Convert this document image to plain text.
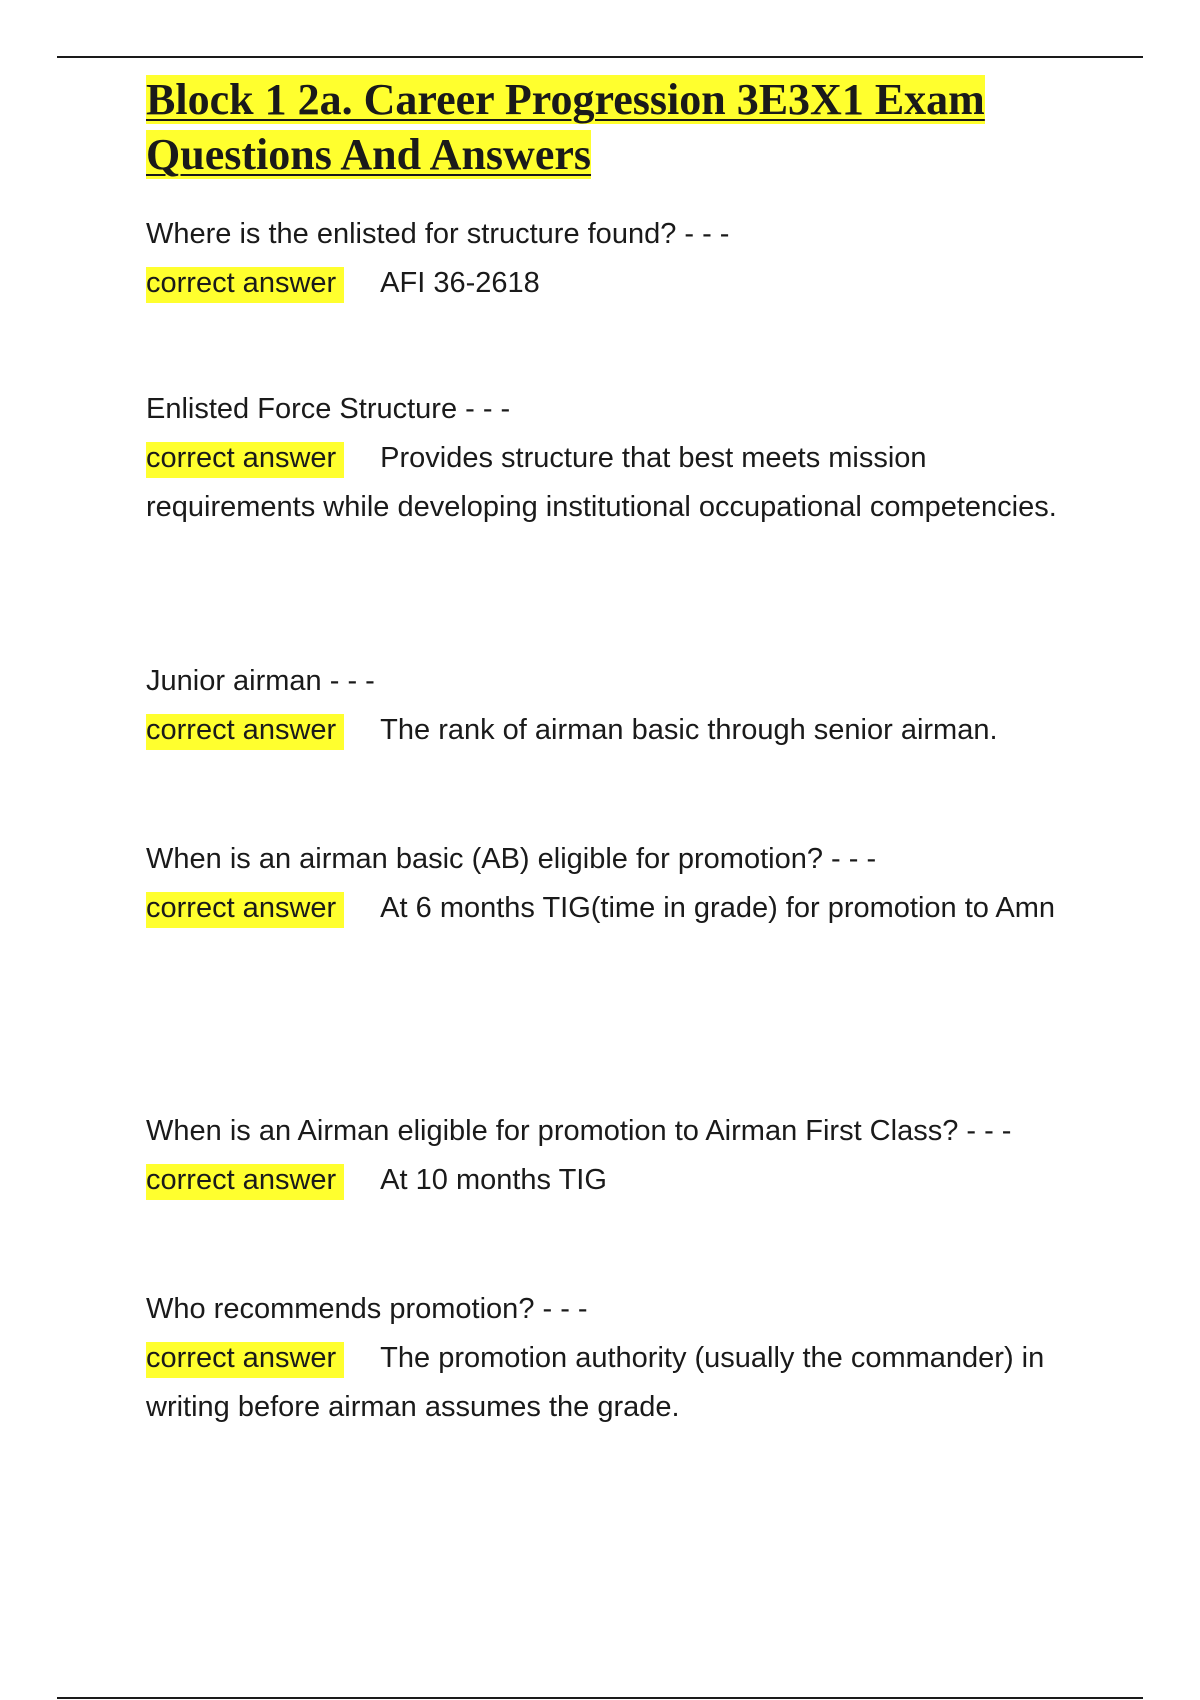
Block 1 2a. Career Progression 3E3X1 Exam Questions And Answers

Where is the enlisted for structure found? - - -

correct answer AFI 36-2618

Enlisted Force Structure - - -

correct answer Provides structure that best meets mission requirements while developing institutional occupational competencies.

Junior airman - - -

correct answer The rank of airman basic through senior airman.

When is an airman basic (AB) eligible for promotion? - - -

correct answer At 6 months TIG(time in grade) for promotion to Amn

When is an Airman eligible for promotion to Airman First Class? - - -

correct answer At 10 months TIG

Who recommends promotion? - - -

correct answer The promotion authority (usually the commander) in writing before airman assumes the grade.
